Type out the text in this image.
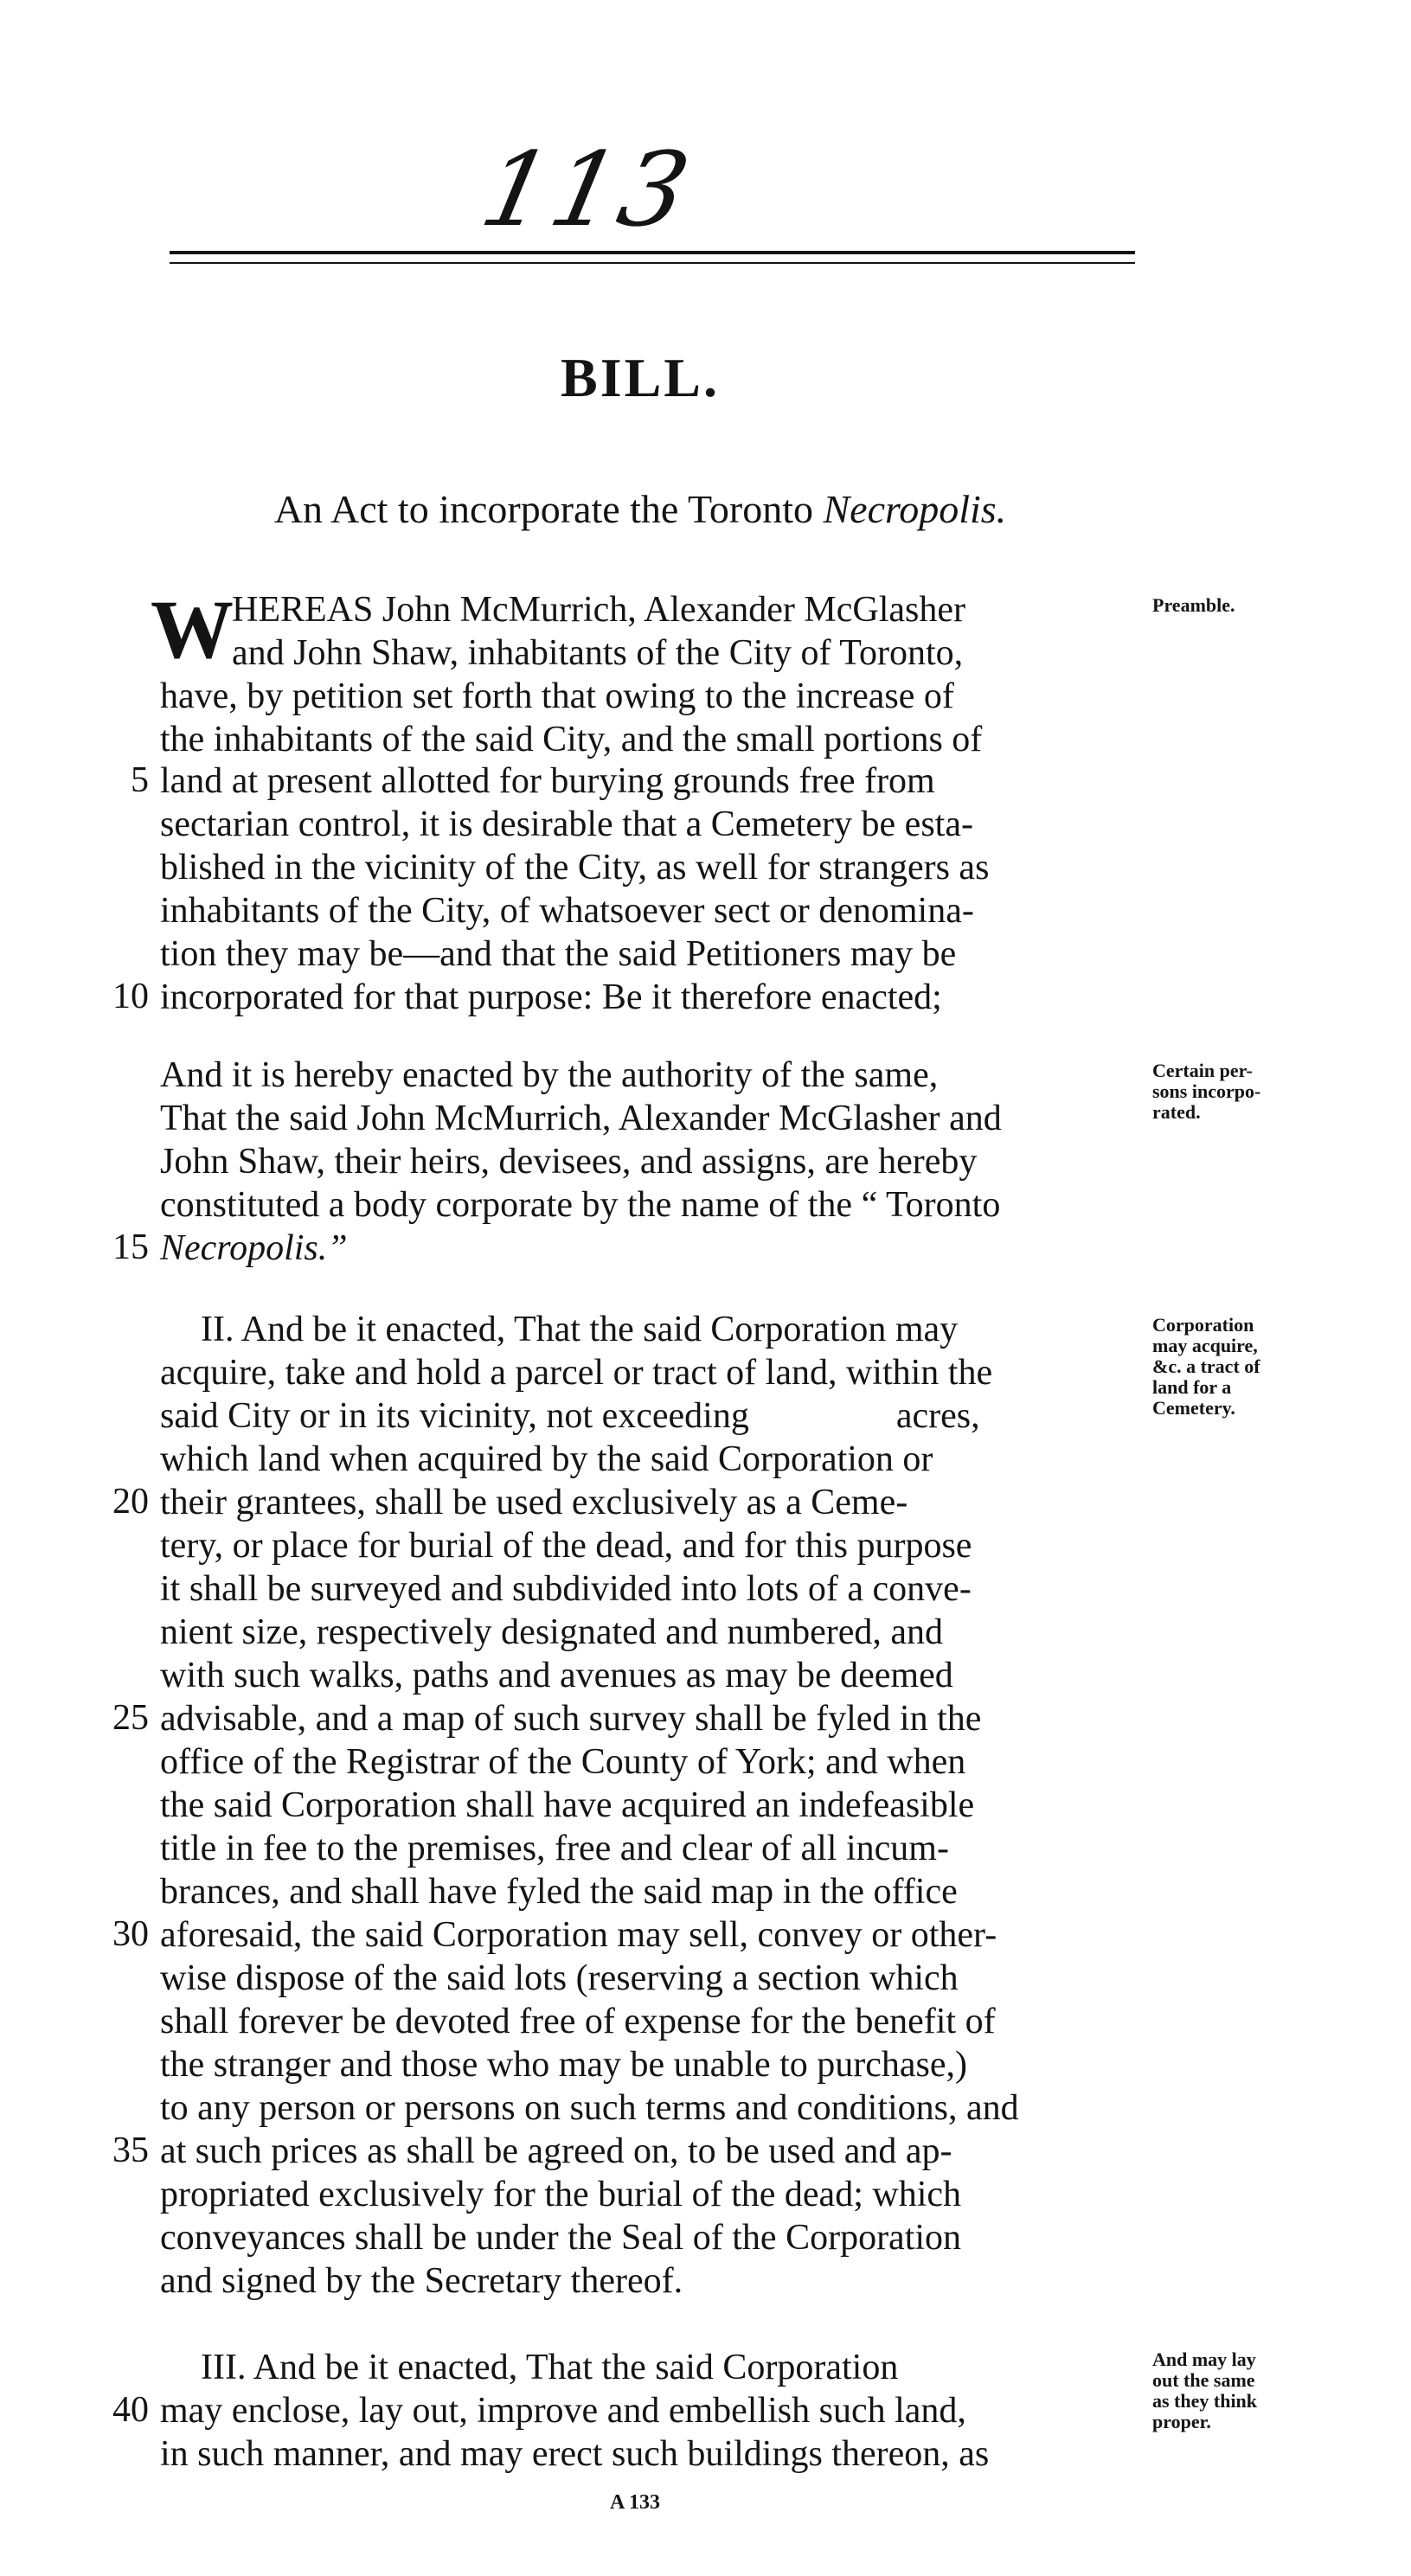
113
BILL.
An Act to incorporate the Toronto Necropolis.
W
HEREAS John McMurrich, Alexander McGlasher
and John Shaw, inhabitants of the City of Toronto,
have, by petition set forth that owing to the increase of
the inhabitants of the said City, and the small portions of
5 land at present allotted for burying grounds free from
sectarian control, it is desirable that a Cemetery be esta-
blished in the vicinity of the City, as well for strangers as
inhabitants of the City, of whatsoever sect or denomina-
tion they may be—and that the said Petitioners may be
10 incorporated for that purpose: Be it therefore enacted;
And it is hereby enacted by the authority of the same,
That the said John McMurrich, Alexander McGlasher and
John Shaw, their heirs, devisees, and assigns, are hereby
constituted a body corporate by the name of the “ Toronto
15 Necropolis.”
II. And be it enacted, That the said Corporation may
acquire, take and hold a parcel or tract of land, within the
said City or in its vicinity, not exceeding	acres,
which land when acquired by the said Corporation or
20 their grantees, shall be used exclusively as a Ceme-
tery, or place for burial of the dead, and for this purpose
it shall be surveyed and subdivided into lots of a conve-
nient size, respectively designated and numbered, and
with such walks, paths and avenues as may be deemed
25 advisable, and a map of such survey shall be fyled in the
office of the Registrar of the County of York; and when
the said Corporation shall have acquired an indefeasible
title in fee to the premises, free and clear of all incum-
brances, and shall have fyled the said map in the office
30 aforesaid, the said Corporation may sell, convey or other-
wise dispose of the said lots (reserving a section which
shall forever be devoted free of expense for the benefit of
the stranger and those who may be unable to purchase,)
to any person or persons on such terms and conditions, and
35 at such prices as shall be agreed on, to be used and ap-
propriated exclusively for the burial of the dead; which
conveyances shall be under the Seal of the Corporation
and signed by the Secretary thereof.
III. And be it enacted, That the said Corporation
40 may enclose, lay out, improve and embellish such land,
in such manner, and may erect such buildings thereon, as
Preamble.
Certain per-
sons incorpo-
rated.
Corporation
may acquire,
&c. a tract of
land for a
Cemetery.
And may lay
out the same
as they think
proper.
A 133
